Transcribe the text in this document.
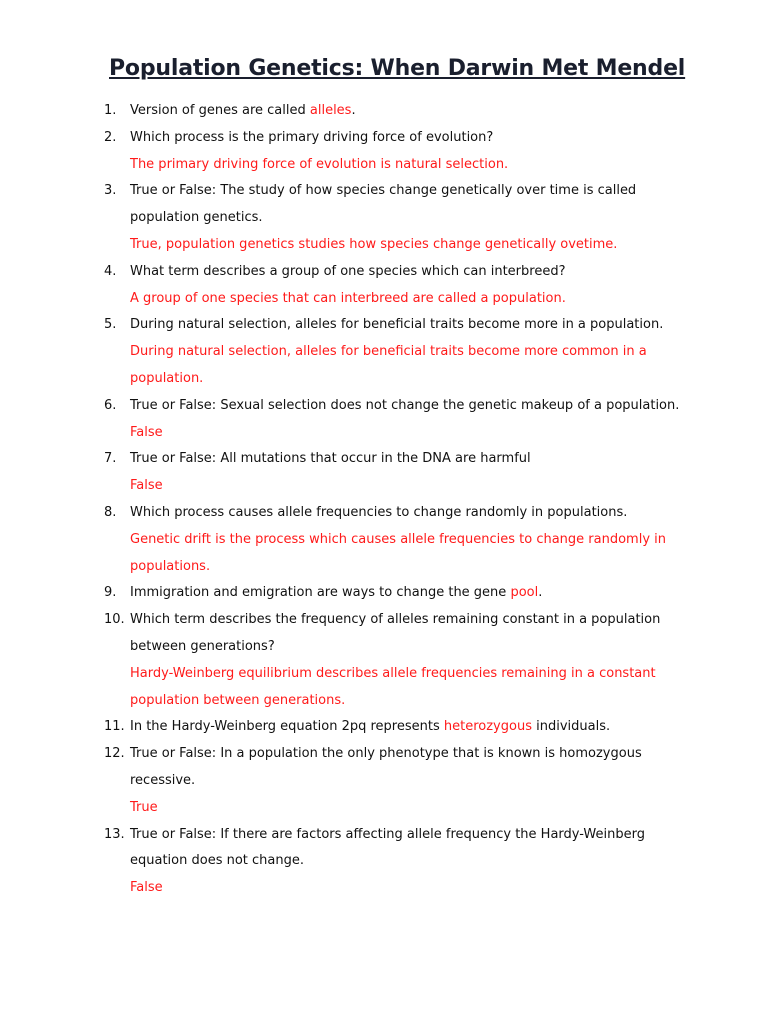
Population Genetics: When Darwin Met Mendel
1.	Version of genes are called alleles.
2.	Which process is the primary driving force of evolution?
The primary driving force of evolution is natural selection.
3.	True or False: The study of how species change genetically over time is called
population genetics.
True, population genetics studies how species change genetically ovetime.
4.	What term describes a group of one species which can interbreed?
A group of one species that can interbreed are called a population.
5.	During natural selection, alleles for beneficial traits become more in a population.
During natural selection, alleles for beneficial traits become more common in a
population.
6.	True or False: Sexual selection does not change the genetic makeup of a population.
False
7.	True or False: All mutations that occur in the DNA are harmful
False
8.	Which process causes allele frequencies to change randomly in populations.
Genetic drift is the process which causes allele frequencies to change randomly in
populations.
9.	Immigration and emigration are ways to change the gene pool.
10. Which term describes the frequency of alleles remaining constant in a population
between generations?
Hardy-Weinberg equilibrium describes allele frequencies remaining in a constant
population between generations.
11. In the Hardy-Weinberg equation 2pq represents heterozygous individuals.
12. True or False: In a population the only phenotype that is known is homozygous
recessive.
True
13. True or False: If there are factors affecting allele frequency the Hardy-Weinberg
equation does not change.
False
